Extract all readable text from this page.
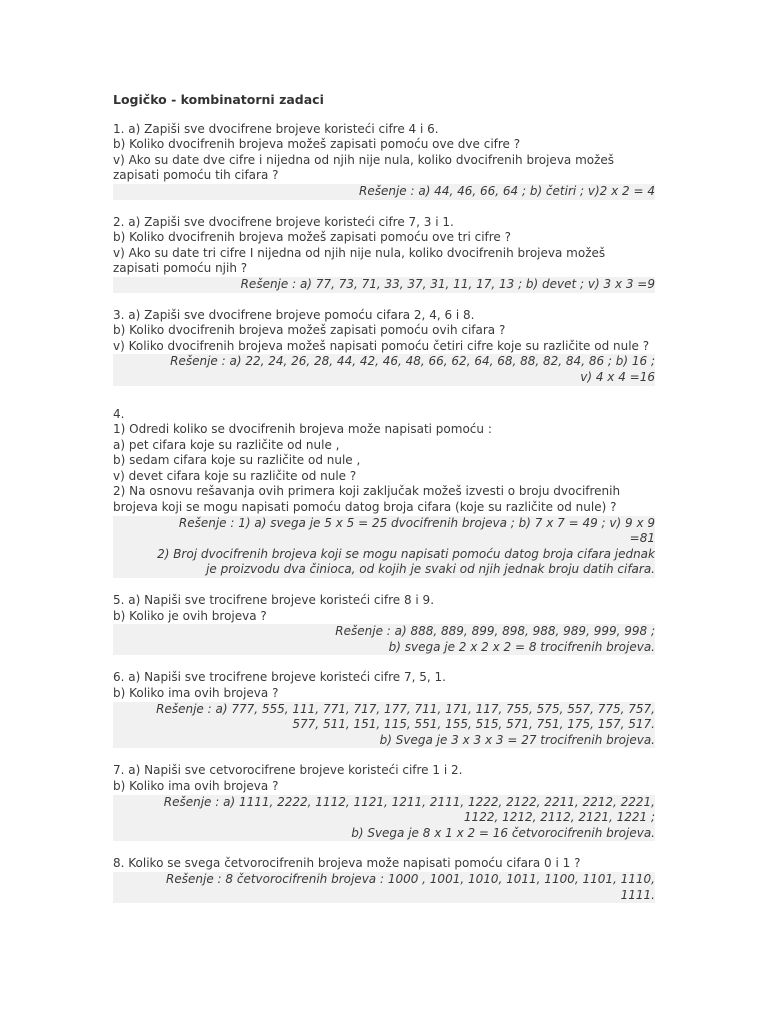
Logičko - kombinatorni zadaci
1. a) Zapiši sve dvocifrene brojeve koristeći cifre 4 i 6.
b) Koliko dvocifrenih brojeva možeš zapisati pomoću ove dve cifre ?
v) Ako su date dve cifre i nijedna od njih nije nula, koliko dvocifrenih brojeva možeš zapisati pomoću tih cifara ?
Rešenje : a) 44, 46, 66, 64 ; b) četiri ; v)2 x 2 = 4
2. a) Zapiši sve dvocifrene brojeve koristeći cifre 7, 3 i 1.
b) Koliko dvocifrenih brojeva možeš zapisati pomoću ove tri cifre ?
v) Ako su date tri cifre I nijedna od njih nije nula, koliko dvocifrenih brojeva možeš zapisati pomoću njih ?
Rešenje : a) 77, 73, 71, 33, 37, 31, 11, 17, 13 ; b) devet ; v) 3 x 3 =9
3. a) Zapiši sve dvocifrene brojeve pomoću cifara 2, 4, 6 i 8.
b) Koliko dvocifrenih brojeva možeš zapisati pomoću ovih cifara ?
v) Koliko dvocifrenih brojeva možeš napisati pomoću četiri cifre koje su različite od nule ?
Rešenje : a) 22, 24, 26, 28, 44, 42, 46, 48, 66, 62, 64, 68, 88, 82, 84, 86 ; b) 16 ;
v) 4 x 4 =16
4.
1) Odredi koliko se dvocifrenih brojeva može napisati pomoću :
a) pet cifara koje su različite od nule ,
b) sedam cifara koje su različite od nule ,
v) devet cifara koje su različite od nule ?
2) Na osnovu rešavanja ovih primera koji zaključak možeš izvesti o broju dvocifrenih brojeva koji se mogu napisati pomoću datog broja cifara (koje su različite od nule) ?
Rešenje : 1) a) svega je 5 x 5 = 25 dvocifrenih brojeva ; b) 7 x 7 = 49 ; v) 9 x 9
=81
2) Broj dvocifrenih brojeva koji se mogu napisati pomoću datog broja cifara jednak
je proizvodu dva činioca, od kojih je svaki od njih jednak broju datih cifara.
5. a) Napiši sve trocifrene brojeve koristeći cifre 8 i 9.
b) Koliko je ovih brojeva ?
Rešenje : a) 888, 889, 899, 898, 988, 989, 999, 998 ;
b) svega je 2 x 2 x 2 = 8 trocifrenih brojeva.
6. a) Napiši sve trocifrene brojeve koristeći cifre 7, 5, 1.
b) Koliko ima ovih brojeva ?
Rešenje : a) 777, 555, 111, 771, 717, 177, 711, 171, 117, 755, 575, 557, 775, 757,
577, 511, 151, 115, 551, 155, 515, 571, 751, 175, 157, 517.
b) Svega je 3 x 3 x 3 = 27 trocifrenih brojeva.
7. a) Napiši sve cetvorocifrene brojeve koristeći cifre 1 i 2.
b) Koliko ima ovih brojeva ?
Rešenje : a) 1111, 2222, 1112, 1121, 1211, 2111, 1222, 2122, 2211, 2212, 2221,
1122, 1212, 2112, 2121, 1221 ;
b) Svega je 8 x 1 x 2 = 16 četvorocifrenih brojeva.
8. Koliko se svega četvorocifrenih brojeva može napisati pomoću cifara 0 i 1 ?
Rešenje : 8 četvorocifrenih brojeva : 1000 , 1001, 1010, 1011, 1100, 1101, 1110,
1111.
